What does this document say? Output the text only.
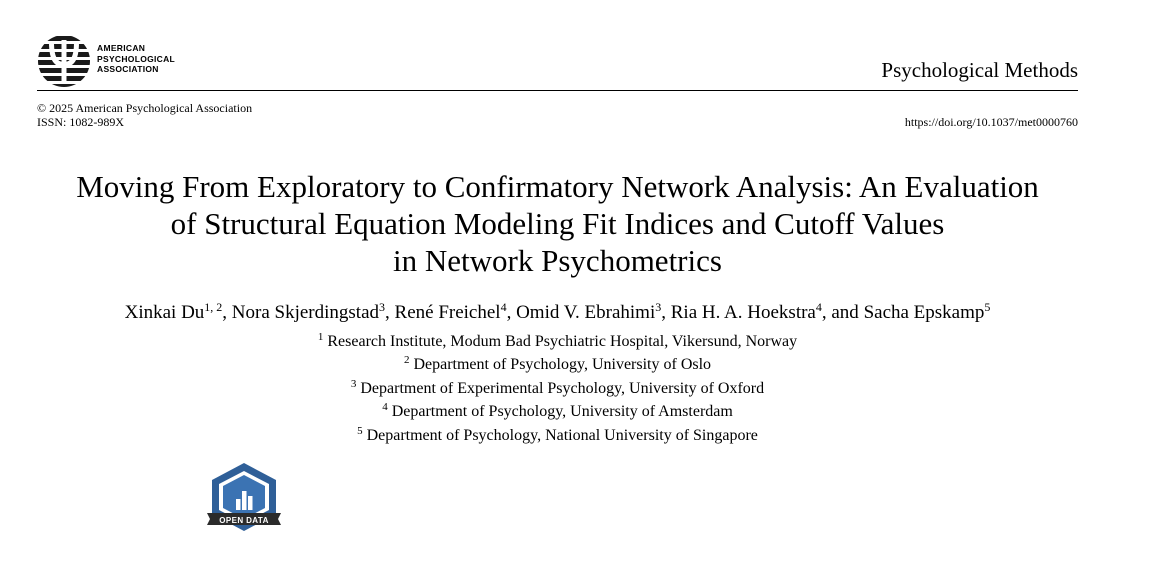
AMERICAN
PSYCHOLOGICAL
ASSOCIATION	Psychological Methods
© 2025 American Psychological Association
ISSN: 1082-989X	https://doi.org/10.1037/met0000760
Moving From Exploratory to Confirmatory Network Analysis: An Evaluation
of Structural Equation Modeling Fit Indices and Cutoff Values
in Network Psychometrics
Xinkai Du$^{1, 2}$, Nora Skjerdingstad$^3$, René Freichel$^4$, Omid V. Ebrahimi$^3$, Ria H. A. Hoekstra$^4$, and Sacha Epskamp$^5$
$^1$ Research Institute, Modum Bad Psychiatric Hospital, Vikersund, Norway
$^2$ Department of Psychology, University of Oslo
$^3$ Department of Experimental Psychology, University of Oxford
$^4$ Department of Psychology, University of Amsterdam
$^5$ Department of Psychology, National University of Singapore
OPEN DATA
